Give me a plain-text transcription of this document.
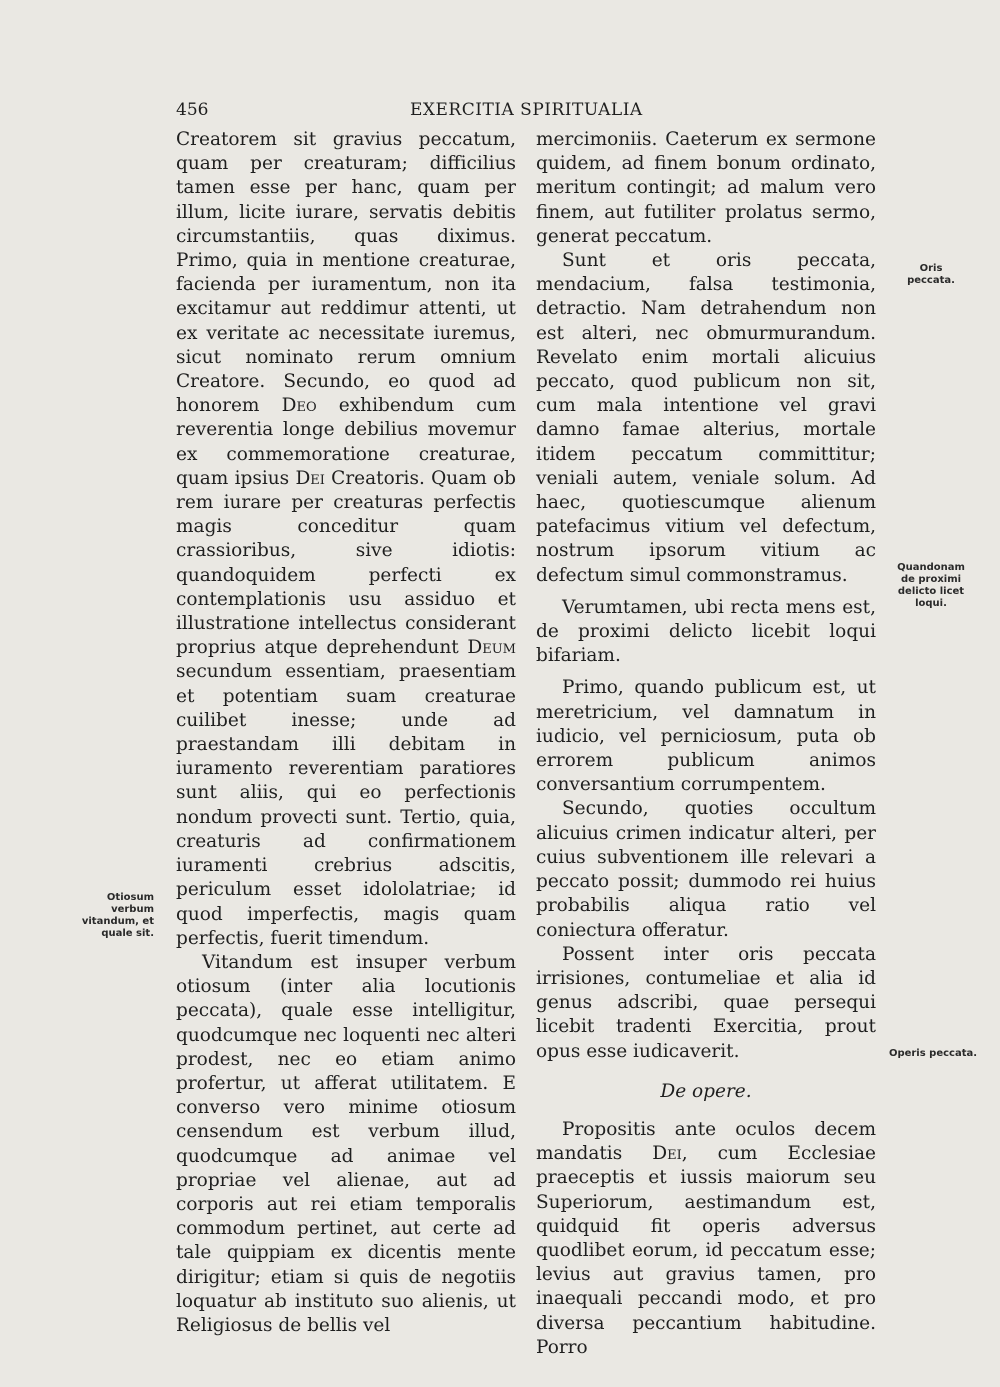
456	EXERCITIA SPIRITUALIA

Creatorem sit gravius peccatum, quam per creaturam; difficilius tamen esse per hanc, quam per illum, licite iurare, servatis debitis circumstantiis, quas diximus. Primo, quia in mentione creaturae, facienda per iuramentum, non ita excitamur aut reddimur attenti, ut ex veritate ac necessitate iuremus, sicut nominato rerum omnium Creatore. Secundo, eo quod ad honorem Deo exhibendum cum reverentia longe debilius movemur ex commemoratione creaturae, quam ipsius Dei Creatoris. Quam ob rem iurare per creaturas perfectis magis conceditur quam crassioribus, sive idiotis: quandoquidem perfecti ex contemplationis usu assiduo et illustratione intellectus considerant proprius atque deprehendunt Deum secundum essentiam, praesentiam et potentiam suam creaturae cuilibet inesse; unde ad praestandam illi debitam in iuramento reverentiam paratiores sunt aliis, qui eo perfectionis nondum provecti sunt. Tertio, quia, creaturis ad confirmationem iuramenti crebrius adscitis, periculum esset idololatriae; id quod imperfectis, magis quam perfectis, fuerit timendum.

Vitandum est insuper verbum otiosum (inter alia locutionis peccata), quale esse intelligitur, quodcumque nec loquenti nec alteri prodest, nec eo etiam animo profertur, ut afferat utilitatem. E converso vero minime otiosum censendum est verbum illud, quodcumque ad animae vel propriae vel alienae, aut ad corporis aut rei etiam temporalis commodum pertinet, aut certe ad tale quippiam ex dicentis mente dirigitur; etiam si quis de negotiis loquatur ab instituto suo alienis, ut Religiosus de bellis vel

mercimoniis. Caeterum ex sermone quidem, ad finem bonum ordinato, meritum contingit; ad malum vero finem, aut futiliter prolatus sermo, generat peccatum.

Sunt et oris peccata, mendacium, falsa testimonia, detractio. Nam detrahendum non est alteri, nec obmurmurandum. Revelato enim mortali alicuius peccato, quod publicum non sit, cum mala intentione vel gravi damno famae alterius, mortale itidem peccatum committitur; veniali autem, veniale solum. Ad haec, quotiescumque alienum patefacimus vitium vel defectum, nostrum ipsorum vitium ac defectum simul commonstramus.

Verumtamen, ubi recta mens est, de proximi delicto licebit loqui bifariam.

Primo, quando publicum est, ut meretricium, vel damnatum in iudicio, vel perniciosum, puta ob errorem publicum animos conversantium corrumpentem.

Secundo, quoties occultum alicuius crimen indicatur alteri, per cuius subventionem ille relevari a peccato possit; dummodo rei huius probabilis aliqua ratio vel coniectura offeratur.

Possent inter oris peccata irrisiones, contumeliae et alia id genus adscribi, quae persequi licebit tradenti Exercitia, prout opus esse iudicaverit.

De opere.

Propositis ante oculos decem mandatis Dei, cum Ecclesiae praeceptis et iussis maiorum seu Superiorum, aestimandum est, quidquid fit operis adversus quodlibet eorum, id peccatum esse; levius aut gravius tamen, pro inaequali peccandi modo, et pro diversa peccantium habitudine. Porro

Oris peccata.
Quandonam de proximi delicto licet loqui.
Otiosum verbum vitandum, et quale sit.
Operis peccata.
